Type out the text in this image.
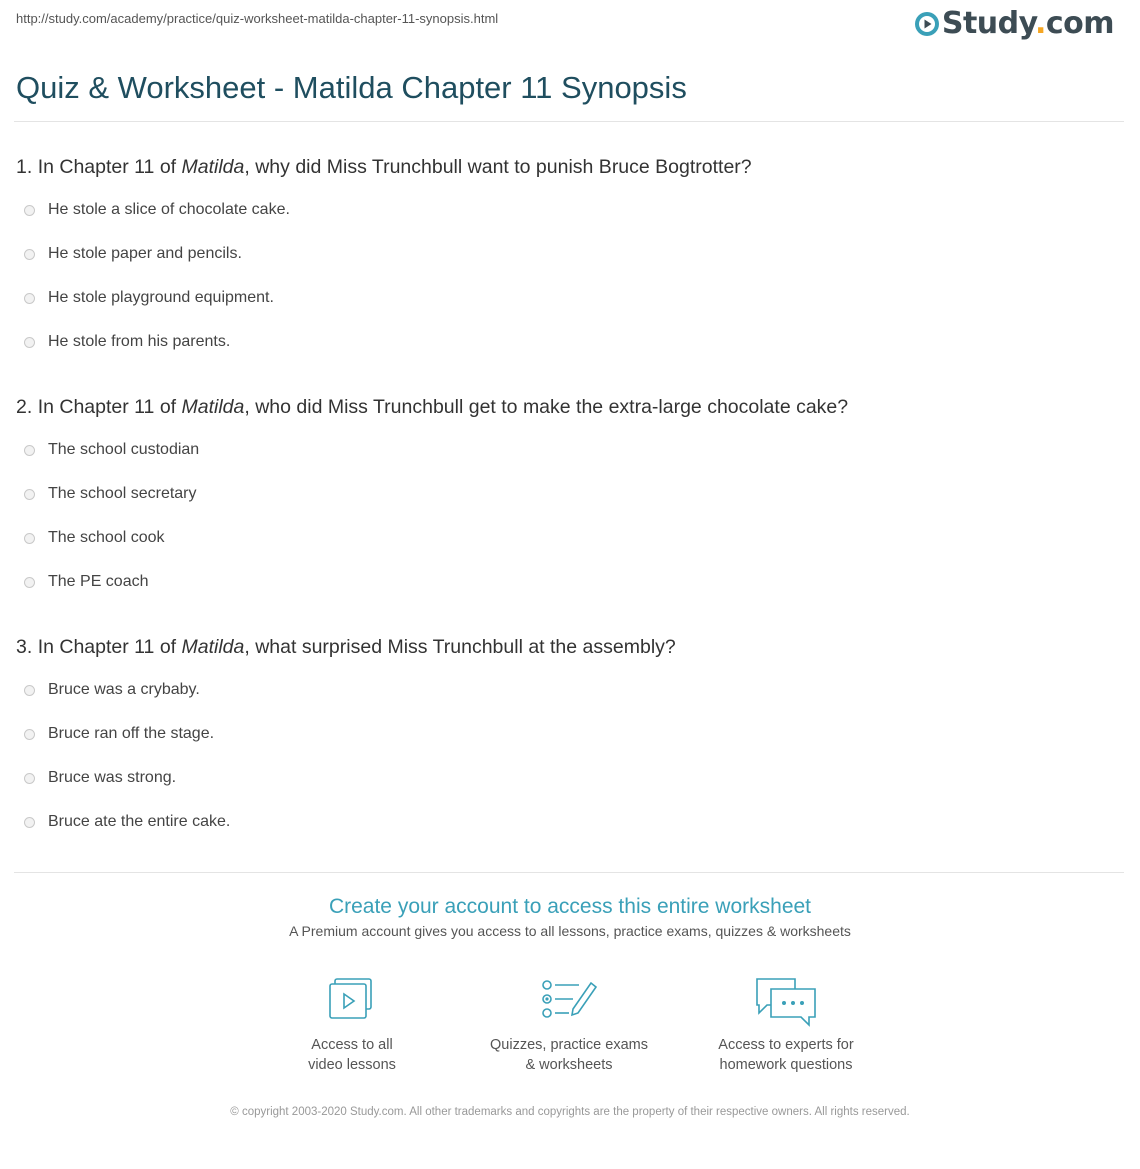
http://study.com/academy/practice/quiz-worksheet-matilda-chapter-11-synopsis.html	Study.com
Quiz & Worksheet - Matilda Chapter 11 Synopsis

1. In Chapter 11 of Matilda, why did Miss Trunchbull want to punish Bruce Bogtrotter?

He stole a slice of chocolate cake.
He stole paper and pencils.
He stole playground equipment.
He stole from his parents.

2. In Chapter 11 of Matilda, who did Miss Trunchbull get to make the extra-large chocolate cake?

The school custodian
The school secretary
The school cook
The PE coach

3. In Chapter 11 of Matilda, what surprised Miss Trunchbull at the assembly?

Bruce was a crybaby.
Bruce ran off the stage.
Bruce was strong.
Bruce ate the entire cake.
Create your account to access this entire worksheet
A Premium account gives you access to all lessons, practice exams, quizzes & worksheets
Access to all
video lessons
Quizzes, practice exams
& worksheets
Access to experts for
homework questions
© copyright 2003-2020 Study.com. All other trademarks and copyrights are the property of their respective owners. All rights reserved.
